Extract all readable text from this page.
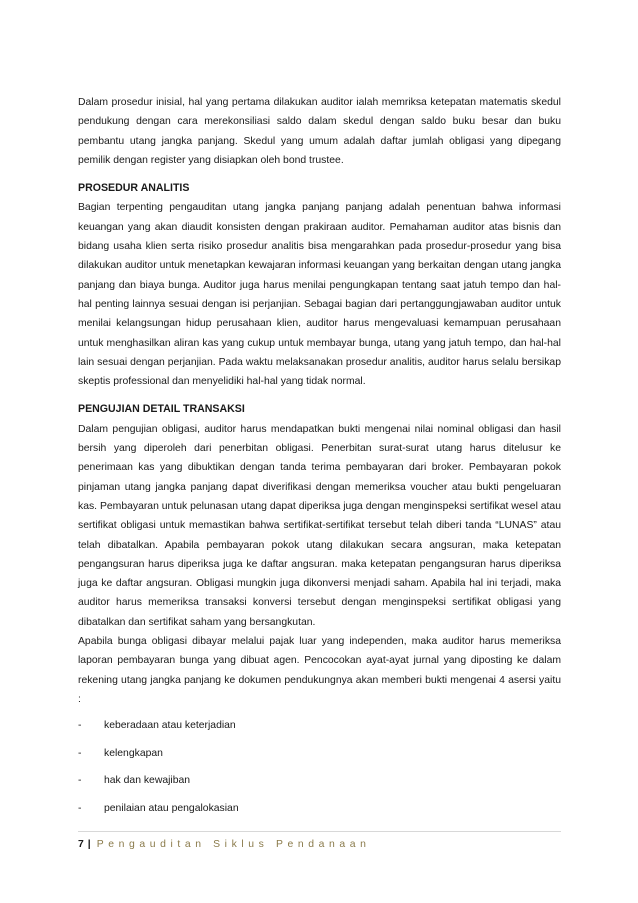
Dalam prosedur inisial, hal yang pertama dilakukan auditor ialah memriksa ketepatan matematis skedul pendukung dengan cara merekonsiliasi saldo dalam skedul dengan saldo buku besar dan buku pembantu utang jangka panjang. Skedul yang umum adalah daftar jumlah obligasi yang dipegang pemilik dengan register yang disiapkan oleh bond trustee.

PROSEDUR ANALITIS

Bagian terpenting pengauditan utang jangka panjang panjang adalah penentuan bahwa informasi keuangan yang akan diaudit konsisten dengan prakiraan auditor. Pemahaman auditor atas bisnis dan bidang usaha klien serta risiko prosedur analitis bisa mengarahkan pada prosedur-prosedur yang bisa dilakukan auditor untuk menetapkan kewajaran informasi keuangan yang berkaitan dengan utang jangka panjang dan biaya bunga. Auditor juga harus menilai pengungkapan tentang saat jatuh tempo dan hal-hal penting lainnya sesuai dengan isi perjanjian. Sebagai bagian dari pertanggungjawaban auditor untuk menilai kelangsungan hidup perusahaan klien, auditor harus mengevaluasi kemampuan perusahaan untuk menghasilkan aliran kas yang cukup untuk membayar bunga, utang yang jatuh tempo, dan hal-hal lain sesuai dengan perjanjian. Pada waktu melaksanakan prosedur analitis, auditor harus selalu bersikap skeptis professional dan menyelidiki hal-hal yang tidak normal.

PENGUJIAN DETAIL TRANSAKSI

Dalam pengujian obligasi, auditor harus mendapatkan bukti mengenai nilai nominal obligasi dan hasil bersih yang diperoleh dari penerbitan obligasi. Penerbitan surat-surat utang harus ditelusur ke penerimaan kas yang dibuktikan dengan tanda terima pembayaran dari broker. Pembayaran pokok pinjaman utang jangka panjang dapat diverifikasi dengan memeriksa voucher atau bukti pengeluaran kas. Pembayaran untuk pelunasan utang dapat diperiksa juga dengan menginspeksi sertifikat wesel atau sertifikat obligasi untuk memastikan bahwa sertifikat-sertifikat tersebut telah diberi tanda “LUNAS” atau telah dibatalkan. Apabila pembayaran pokok utang dilakukan secara angsuran, maka ketepatan pengangsuran harus diperiksa juga ke daftar angsuran. maka ketepatan pengangsuran harus diperiksa juga ke daftar angsuran. Obligasi mungkin juga dikonversi menjadi saham. Apabila hal ini terjadi, maka auditor harus memeriksa transaksi konversi tersebut dengan menginspeksi sertifikat obligasi yang dibatalkan dan sertifikat saham yang bersangkutan.

Apabila bunga obligasi dibayar melalui pajak luar yang independen, maka auditor harus memeriksa laporan pembayaran bunga yang dibuat agen. Pencocokan ayat-ayat jurnal yang diposting ke dalam rekening utang jangka panjang ke dokumen pendukungnya akan memberi bukti mengenai 4 asersi yaitu :

-	keberadaan atau keterjadian
-	kelengkapan
-	hak dan kewajiban
-	penilaian atau pengalokasian
7 | Pengauditan Siklus Pendanaan
